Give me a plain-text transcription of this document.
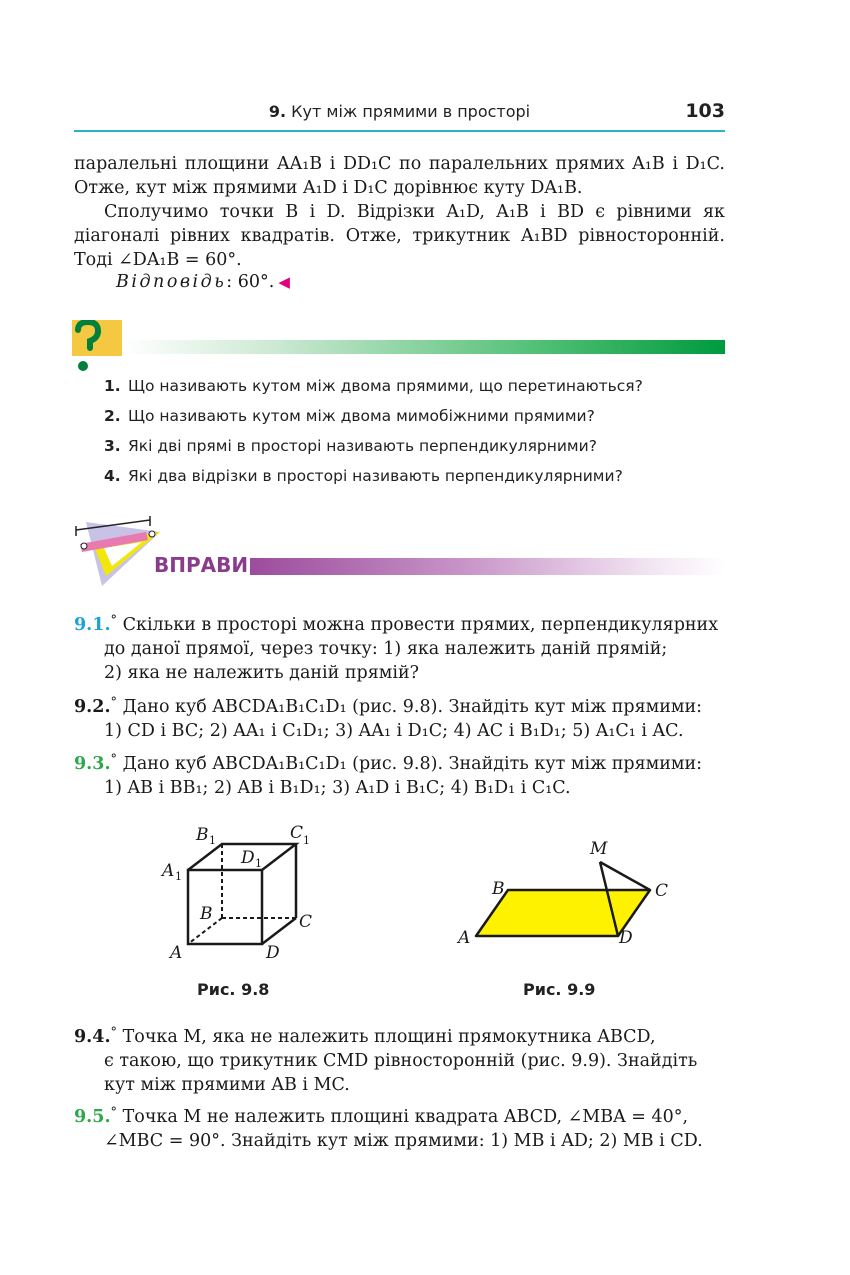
9. Кут між прямими в просторі	103
паралельні площини AA₁B і DD₁C по паралельних прямих A₁B і D₁C. Отже, кут між прямими A₁D і D₁C дорівнює куту DA₁B.
Сполучимо точки B і D. Відрізки A₁D, A₁B і BD є рівними як діагоналі рівних квадратів. Отже, трикутник A₁BD рівносторонній. Тоді ∠DA₁B = 60°.
Відповідь: 60°. ◀
1. Що називають кутом між двома прямими, що перетинаються?
2. Що називають кутом між двома мимобіжними прямими?
3. Які дві прямі в просторі називають перпендикулярними?
4. Які два відрізки в просторі називають перпендикулярними?
ВПРАВИ
9.1.° Скільки в просторі можна провести прямих, перпендикулярних
до даної прямої, через точку: 1) яка належить даній прямій;
2) яка не належить даній прямій?
9.2.° Дано куб ABCDA₁B₁C₁D₁ (рис. 9.8). Знайдіть кут між прямими:
1) CD і BC; 2) AA₁ і C₁D₁; 3) AA₁ і D₁C; 4) AC і B₁D₁; 5) A₁C₁ і AC.
9.3.° Дано куб ABCDA₁B₁C₁D₁ (рис. 9.8). Знайдіть кут між прямими:
1) AB і BB₁; 2) AB і B₁D₁; 3) A₁D і B₁C; 4) B₁D₁ і C₁C.
B 1	C 1
D 1
A 1
B	C
D
A
Рис. 9.8
M
B	C
D
A
Рис. 9.9
9.4.° Точка M, яка не належить площині прямокутника ABCD,
є такою, що трикутник CMD рівносторонній (рис. 9.9). Знайдіть
кут між прямими AB і MC.
9.5.° Точка M не належить площині квадрата ABCD, ∠MBA = 40°,
∠MBC = 90°. Знайдіть кут між прямими: 1) MB і AD; 2) MB і CD.
